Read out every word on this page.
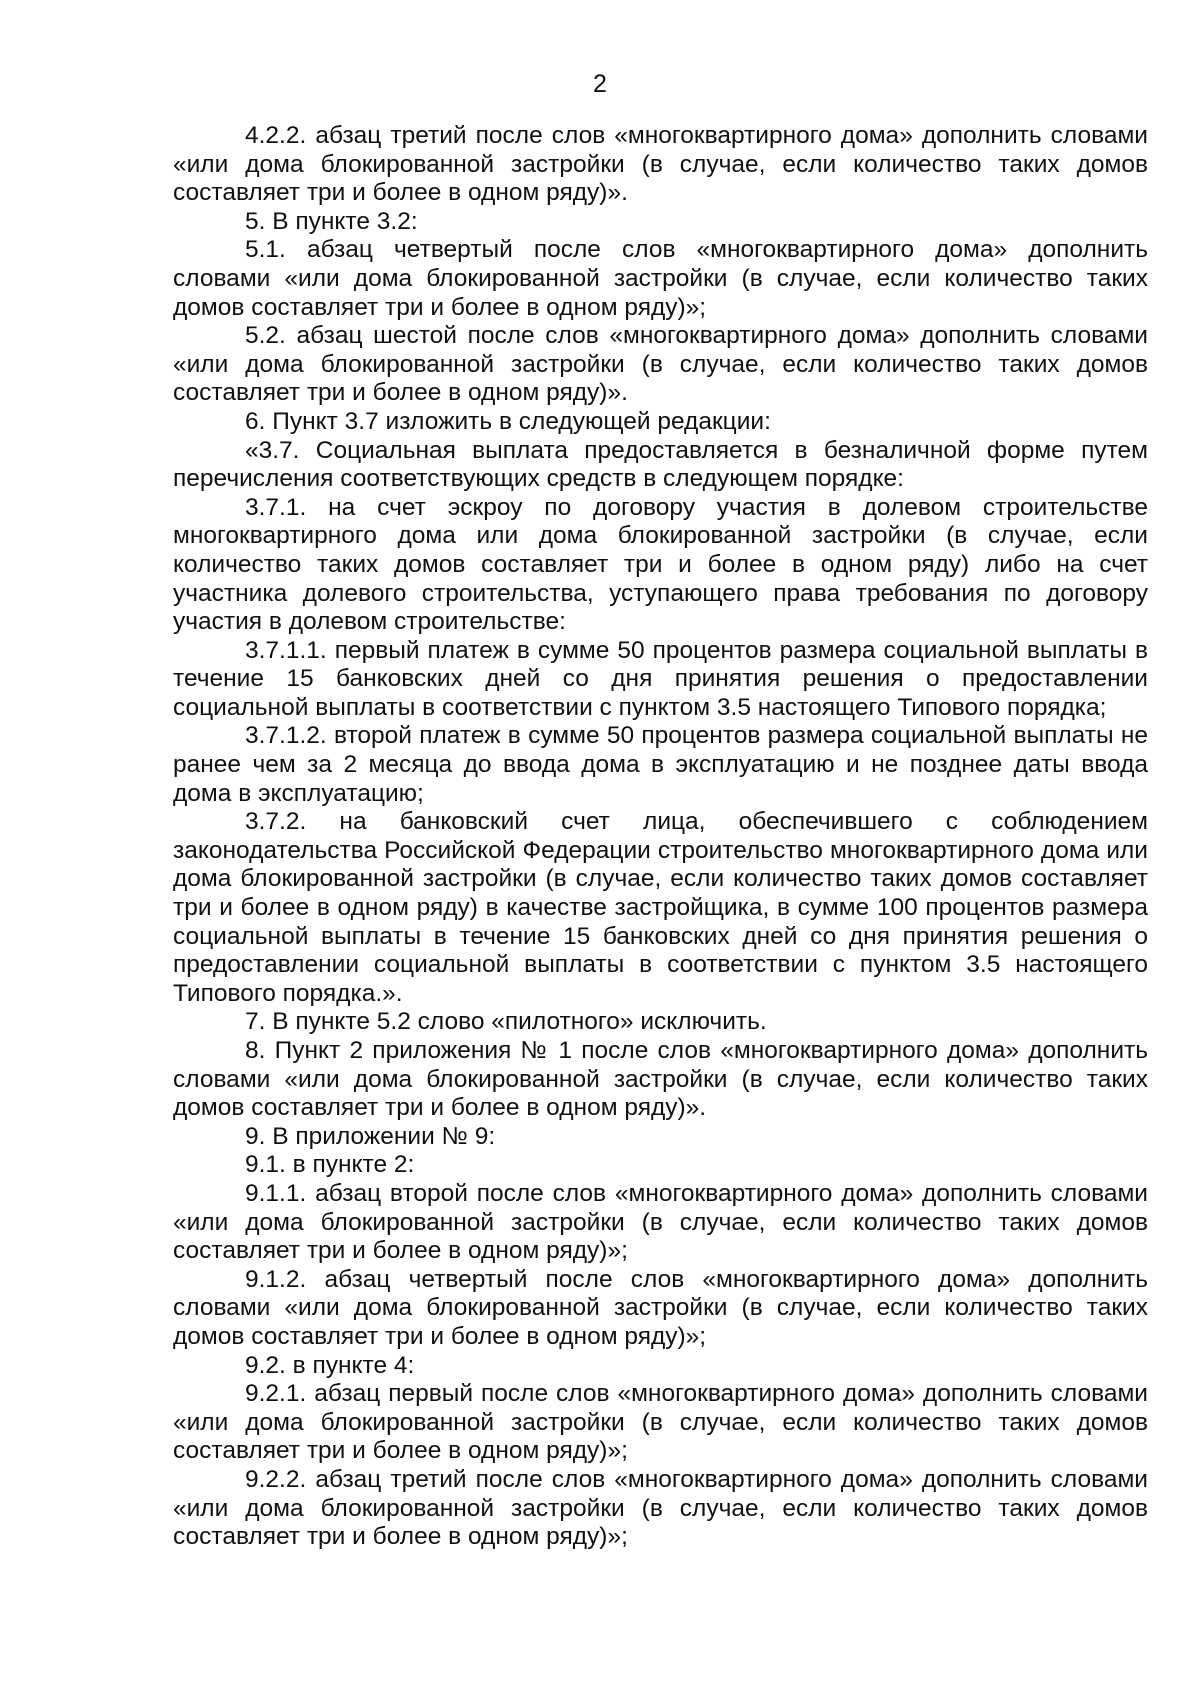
2

4.2.2. абзац третий после слов «многоквартирного дома» дополнить словами «или дома блокированной застройки (в случае, если количество таких домов составляет три и более в одном ряду)».

5. В пункте 3.2:

5.1. абзац четвертый после слов «многоквартирного дома» дополнить словами «или дома блокированной застройки (в случае, если количество таких домов составляет три и более в одном ряду)»;

5.2. абзац шестой после слов «многоквартирного дома» дополнить словами «или дома блокированной застройки (в случае, если количество таких домов составляет три и более в одном ряду)».

6. Пункт 3.7 изложить в следующей редакции:

«3.7. Социальная выплата предоставляется в безналичной форме путем перечисления соответствующих средств в следующем порядке:

3.7.1. на счет эскроу по договору участия в долевом строительстве многоквартирного дома или дома блокированной застройки (в случае, если количество таких домов составляет три и более в одном ряду) либо на счет участника долевого строительства, уступающего права требования по договору участия в долевом строительстве:

3.7.1.1. первый платеж в сумме 50 процентов размера социальной выплаты в течение 15 банковских дней со дня принятия решения о предоставлении социальной выплаты в соответствии с пунктом 3.5 настоящего Типового порядка;

3.7.1.2. второй платеж в сумме 50 процентов размера социальной выплаты не ранее чем за 2 месяца до ввода дома в эксплуатацию и не позднее даты ввода дома в эксплуатацию;

3.7.2. на банковский счет лица, обеспечившего с соблюдением законодательства Российской Федерации строительство многоквартирного дома или дома блокированной застройки (в случае, если количество таких домов составляет три и более в одном ряду) в качестве застройщика, в сумме 100 процентов размера социальной выплаты в течение 15 банковских дней со дня принятия решения о предоставлении социальной выплаты в соответствии с пунктом 3.5 настоящего Типового порядка.».

7. В пункте 5.2 слово «пилотного» исключить.

8. Пункт 2 приложения № 1 после слов «многоквартирного дома» дополнить словами «или дома блокированной застройки (в случае, если количество таких домов составляет три и более в одном ряду)».

9. В приложении № 9:

9.1. в пункте 2:

9.1.1. абзац второй после слов «многоквартирного дома» дополнить словами «или дома блокированной застройки (в случае, если количество таких домов составляет три и более в одном ряду)»;

9.1.2. абзац четвертый после слов «многоквартирного дома» дополнить словами «или дома блокированной застройки (в случае, если количество таких домов составляет три и более в одном ряду)»;

9.2. в пункте 4:

9.2.1. абзац первый после слов «многоквартирного дома» дополнить словами «или дома блокированной застройки (в случае, если количество таких домов составляет три и более в одном ряду)»;

9.2.2. абзац третий после слов «многоквартирного дома» дополнить словами «или дома блокированной застройки (в случае, если количество таких домов составляет три и более в одном ряду)»;
